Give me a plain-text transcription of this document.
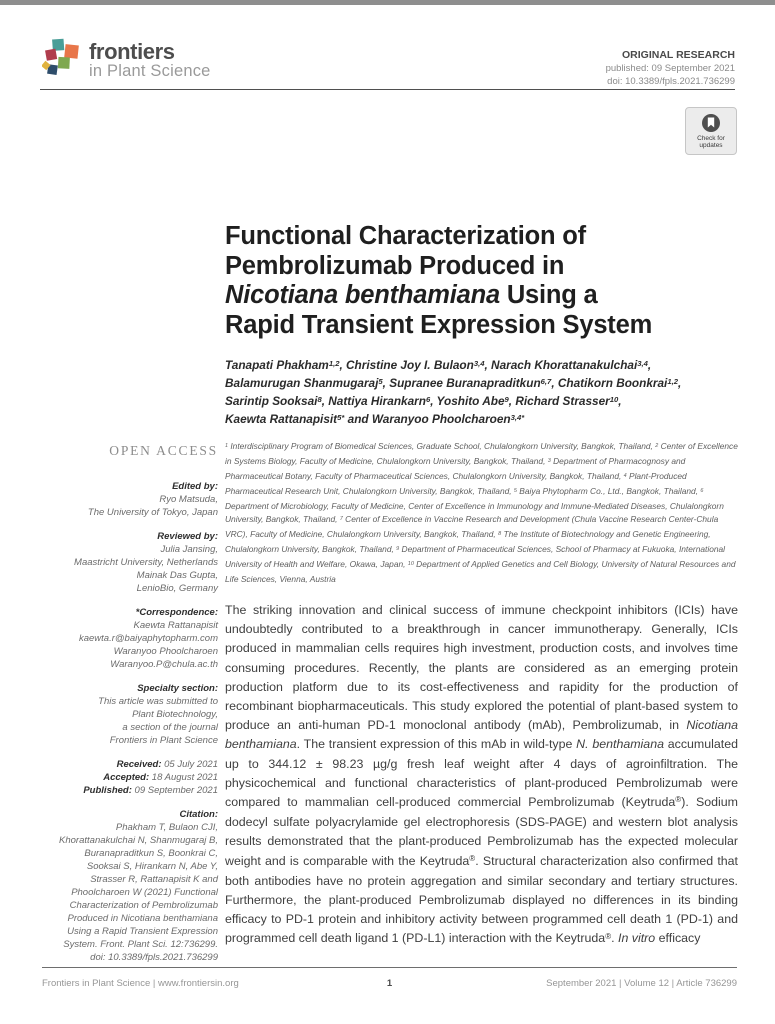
frontiers
in Plant Science
ORIGINAL RESEARCH
published: 09 September 2021
doi: 10.3389/fpls.2021.736299
Check for
updates
OPEN ACCESS
Edited by:
Ryo Matsuda,
The University of Tokyo, Japan
Reviewed by:
Julia Jansing,
Maastricht University, Netherlands
Mainak Das Gupta,
LenioBio, Germany
*Correspondence:
Kaewta Rattanapisit
kaewta.r@baiyaphytopharm.com
Waranyoo Phoolcharoen
Waranyoo.P@chula.ac.th
Specialty section:
This article was submitted to
Plant Biotechnology,
a section of the journal
Frontiers in Plant Science
Received: 05 July 2021
Accepted: 18 August 2021
Published: 09 September 2021
Citation:
Phakham T, Bulaon CJI,
Khorattanakulchai N, Shanmugaraj B,
Buranapraditkun S, Boonkrai C,
Sooksai S, Hirankarn N, Abe Y,
Strasser R, Rattanapisit K and
Phoolcharoen W (2021) Functional
Characterization of Pembrolizumab
Produced in Nicotiana benthamiana
Using a Rapid Transient Expression
System. Front. Plant Sci. 12:736299.
doi: 10.3389/fpls.2021.736299
Functional Characterization of
Pembrolizumab Produced in
Nicotiana benthamiana Using a
Rapid Transient Expression System
Tanapati Phakham$^{1,2}$, Christine Joy I. Bulaon$^{3,4}$, Narach Khorattanakulchai$^{3,4}$,
Balamurugan Shanmugaraj$^5$, Supranee Buranapraditkun$^{6,7}$, Chatikorn Boonkrai$^{1,2}$,
Sarintip Sooksai$^8$, Nattiya Hirankarn$^6$, Yoshito Abe$^9$, Richard Strasser$^{10}$,
Kaewta Rattanapisit$^{5*}$ and Waranyoo Phoolcharoen$^{3,4*}$

$^1$ Interdisciplinary Program of Biomedical Sciences, Graduate School, Chulalongkorn University, Bangkok, Thailand, $^2$ Center of Excellence in Systems Biology, Faculty of Medicine, Chulalongkorn University, Bangkok, Thailand, $^3$ Department of Pharmacognosy and Pharmaceutical Botany, Faculty of Pharmaceutical Sciences, Chulalongkorn University, Bangkok, Thailand, $^4$ Plant-Produced Pharmaceutical Research Unit, Chulalongkorn University, Bangkok, Thailand, $^5$ Baiya Phytopharm Co., Ltd., Bangkok, Thailand, $^6$ Department of Microbiology, Faculty of Medicine, Center of Excellence in Immunology and Immune-Mediated Diseases, Chulalongkorn University, Bangkok, Thailand, $^7$ Center of Excellence in Vaccine Research and Development (Chula Vaccine Research Center-Chula VRC), Faculty of Medicine, Chulalongkorn University, Bangkok, Thailand, $^8$ The Institute of Biotechnology and Genetic Engineering, Chulalongkorn University, Bangkok, Thailand, $^9$ Department of Pharmaceutical Sciences, School of Pharmacy at Fukuoka, International University of Health and Welfare, Okawa, Japan, $^{10}$ Department of Applied Genetics and Cell Biology, University of Natural Resources and Life Sciences, Vienna, Austria

The striking innovation and clinical success of immune checkpoint inhibitors (ICIs) have undoubtedly contributed to a breakthrough in cancer immunotherapy. Generally, ICIs produced in mammalian cells requires high investment, production costs, and involves time consuming procedures. Recently, the plants are considered as an emerging protein production platform due to its cost-effectiveness and rapidity for the production of recombinant biopharmaceuticals. This study explored the potential of plant-based system to produce an anti-human PD-1 monoclonal antibody (mAb), Pembrolizumab, in Nicotiana benthamiana. The transient expression of this mAb in wild-type N. benthamiana accumulated up to 344.12 ± 98.23 µg/g fresh leaf weight after 4 days of agroinfiltration. The physicochemical and functional characteristics of plant-produced Pembrolizumab were compared to mammalian cell-produced commercial Pembrolizumab (Keytruda®). Sodium dodecyl sulfate polyacrylamide gel electrophoresis (SDS-PAGE) and western blot analysis results demonstrated that the plant-produced Pembrolizumab has the expected molecular weight and is comparable with the Keytruda®. Structural characterization also confirmed that both antibodies have no protein aggregation and similar secondary and tertiary structures. Furthermore, the plant-produced Pembrolizumab displayed no differences in its binding efficacy to PD-1 protein and inhibitory activity between programmed cell death 1 (PD-1) and programmed cell death ligand 1 (PD-L1) interaction with the Keytruda®. In vitro efficacy

Frontiers in Plant Science | www.frontiersin.org	1	September 2021 | Volume 12 | Article 736299
